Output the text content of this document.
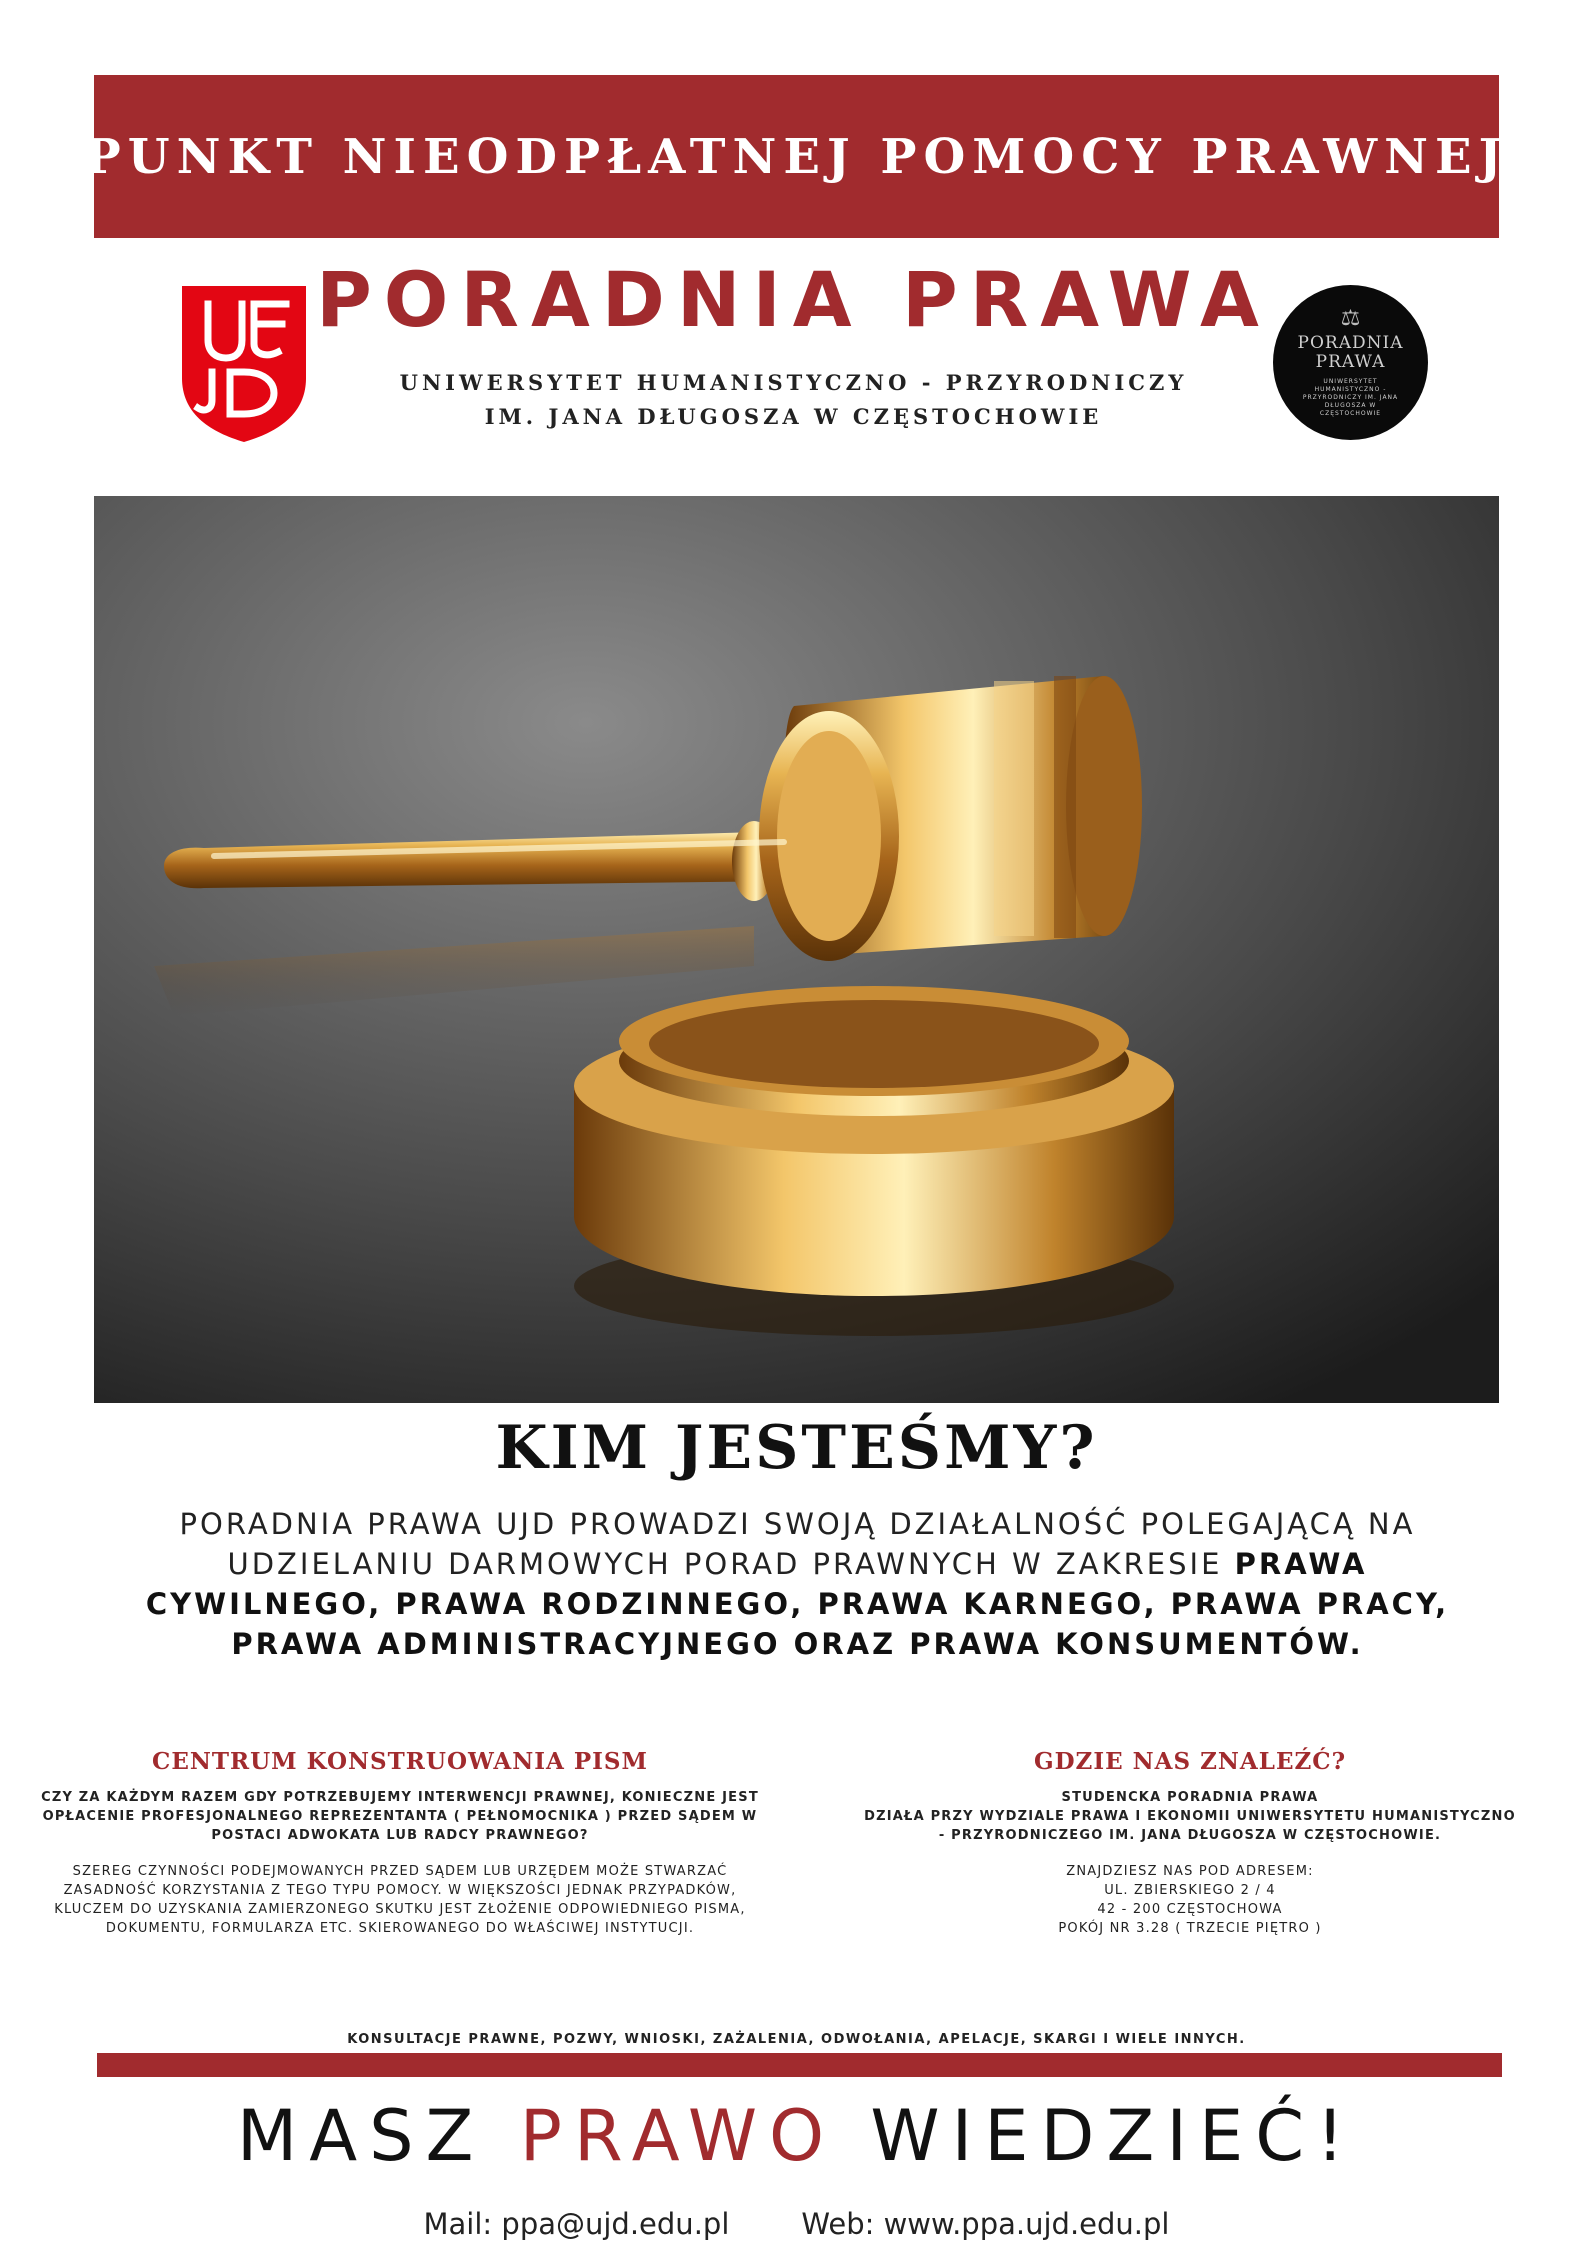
PUNKT NIEODPŁATNEJ POMOCY PRAWNEJ
UJD PORADNIA PRAWA
UNIWERSYTET HUMANISTYCZNO - PRZYRODNICZY
IM. JANA DŁUGOSZA W CZĘSTOCHOWIE
⚖
PORADNIA
PRAWA
UNIWERSYTET HUMANISTYCZNO - PRZYRODNICZY IM. JANA DŁUGOSZA W CZĘSTOCHOWIE
KIM JESTEŚMY?
PORADNIA PRAWA UJD PROWADZI SWOJĄ DZIAŁALNOŚĆ POLEGAJĄCĄ NA UDZIELANIU DARMOWYCH PORAD PRAWNYCH W ZAKRESIE PRAWA CYWILNEGO, PRAWA RODZINNEGO, PRAWA KARNEGO, PRAWA PRACY, PRAWA ADMINISTRACYJNEGO ORAZ PRAWA KONSUMENTÓW.
CENTRUM KONSTRUOWANIA PISM
CZY ZA KAŻDYM RAZEM GDY POTRZEBUJEMY INTERWENCJI PRAWNEJ, KONIECZNE JEST OPŁACENIE PROFESJONALNEGO REPREZENTANTA ( PEŁNOMOCNIKA ) PRZED SĄDEM W POSTACI ADWOKATA LUB RADCY PRAWNEGO?
SZEREG CZYNNOŚCI PODEJMOWANYCH PRZED SĄDEM LUB URZĘDEM MOŻE STWARZAĆ ZASADNOŚĆ KORZYSTANIA Z TEGO TYPU POMOCY. W WIĘKSZOŚCI JEDNAK PRZYPADKÓW, KLUCZEM DO UZYSKANIA ZAMIERZONEGO SKUTKU JEST ZŁOŻENIE ODPOWIEDNIEGO PISMA, DOKUMENTU, FORMULARZA ETC. SKIEROWANEGO DO WŁAŚCIWEJ INSTYTUCJI.
GDZIE NAS ZNALEŹĆ?
STUDENCKA PORADNIA PRAWA
DZIAŁA PRZY WYDZIALE PRAWA I EKONOMII UNIWERSYTETU HUMANISTYCZNO - PRZYRODNICZEGO IM. JANA DŁUGOSZA W CZĘSTOCHOWIE.
ZNAJDZIESZ NAS POD ADRESEM:
UL. ZBIERSKIEGO 2 / 4
42 - 200 CZĘSTOCHOWA
POKÓJ NR 3.28 ( TRZECIE PIĘTRO )
KONSULTACJE PRAWNE, POZWY, WNIOSKI, ZAŻALENIA, ODWOŁANIA, APELACJE, SKARGI I WIELE INNYCH.
MASZ PRAWO WIEDZIEĆ!
Mail: ppa@ujd.edu.pl Web: www.ppa.ujd.edu.pl
